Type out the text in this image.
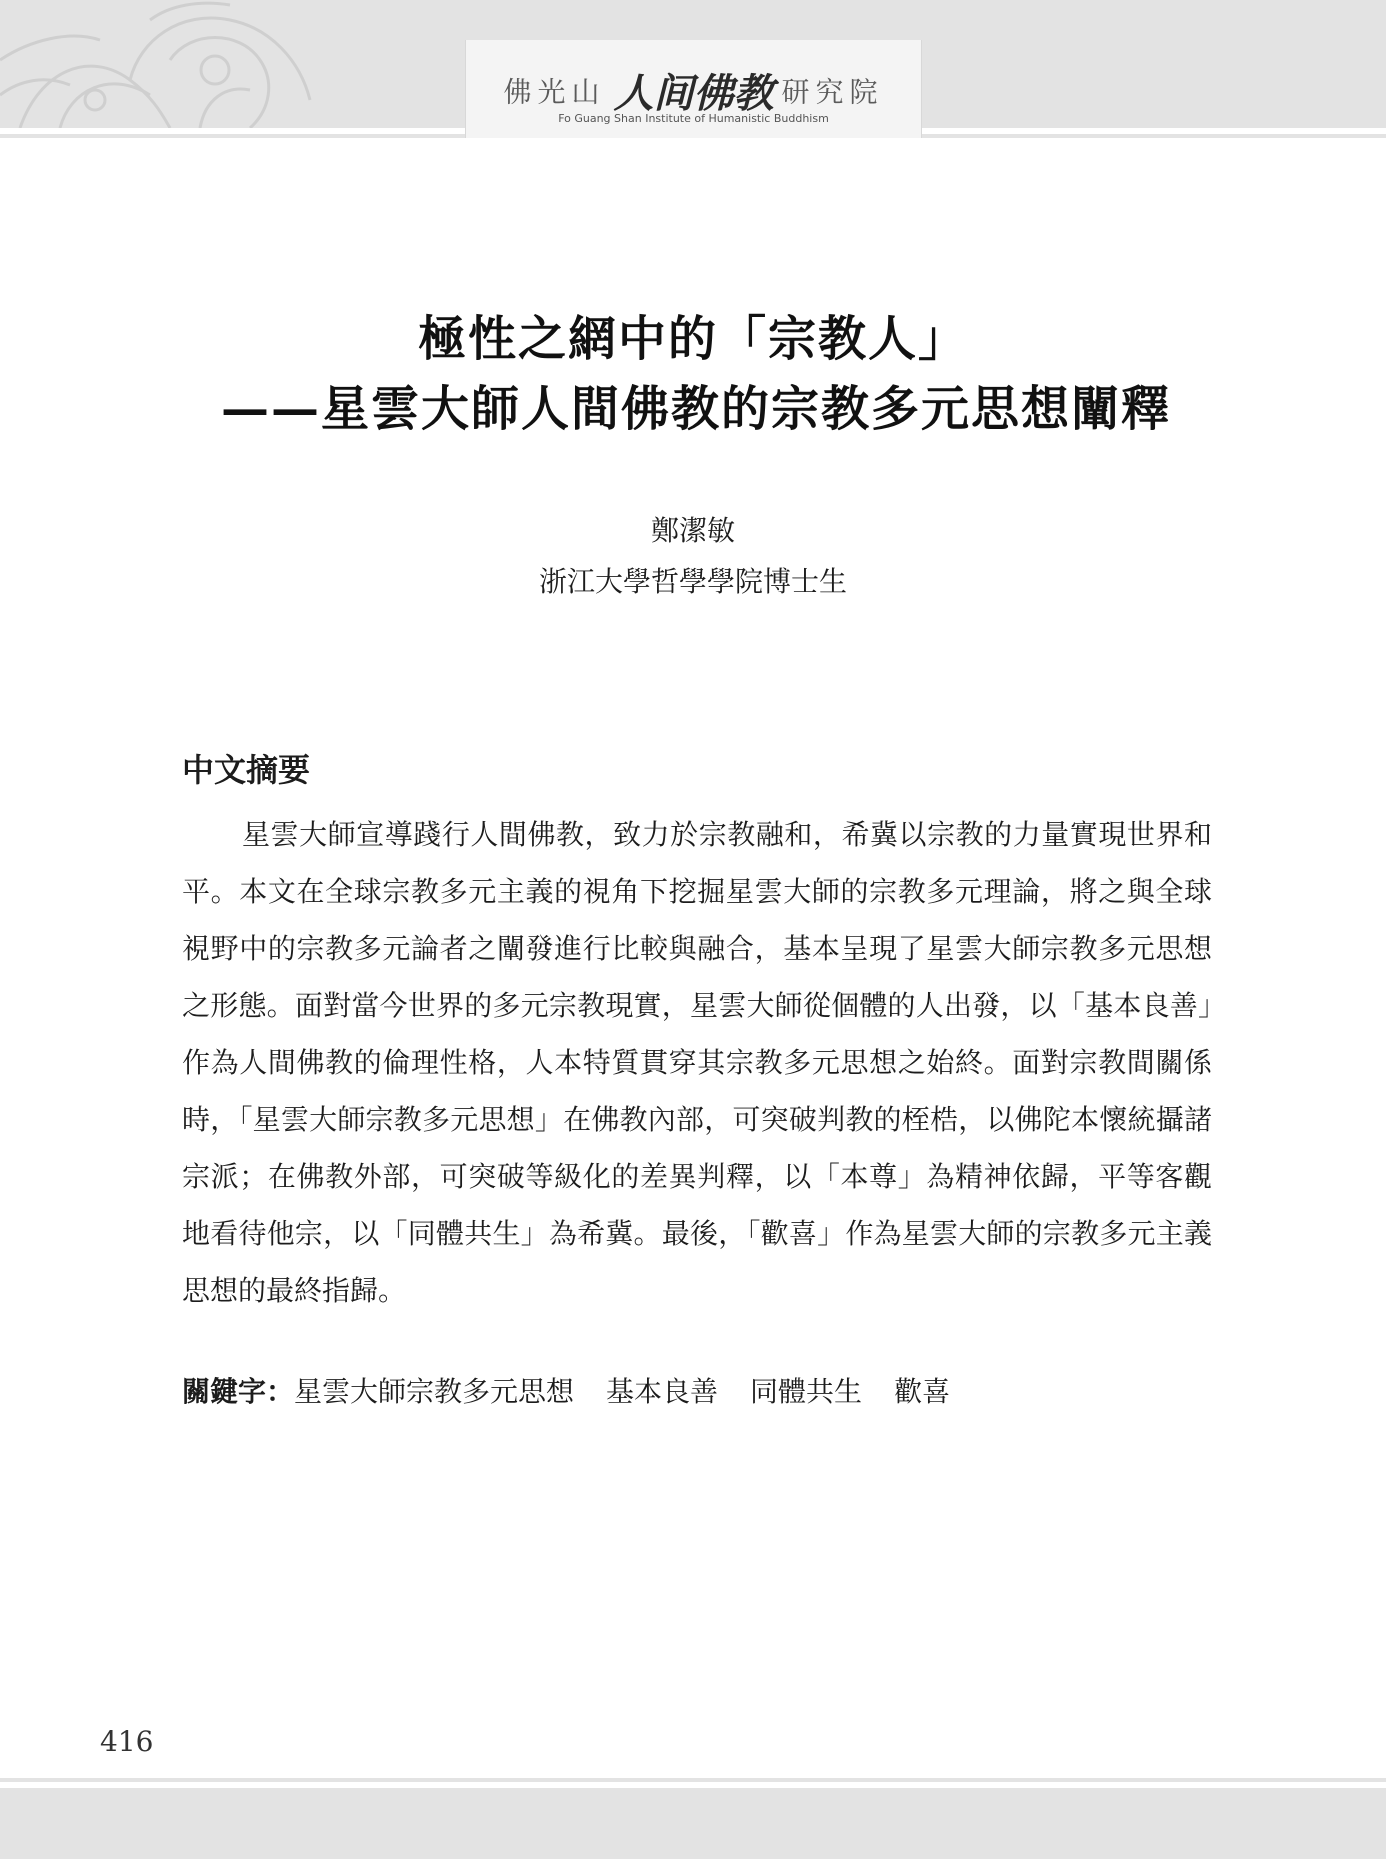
佛光山 人间佛教 研究院
Fo Guang Shan Institute of Humanistic Buddhism
極性之網中的「宗教人」
——星雲大師人間佛教的宗教多元思想闡釋
鄭潔敏
浙江大學哲學學院博士生
中文摘要

星雲大師宣導踐行人間佛教，致力於宗教融和，希冀以宗教的力量實現世界和平。本文在全球宗教多元主義的視角下挖掘星雲大師的宗教多元理論，將之與全球視野中的宗教多元論者之闡發進行比較與融合，基本呈現了星雲大師宗教多元思想之形態。面對當今世界的多元宗教現實，星雲大師從個體的人出發，以「基本良善」作為人間佛教的倫理性格，人本特質貫穿其宗教多元思想之始終。面對宗教間關係時，「星雲大師宗教多元思想」在佛教內部，可突破判教的桎梏，以佛陀本懷統攝諸宗派；在佛教外部，可突破等級化的差異判釋，以「本尊」為精神依歸，平等客觀地看待他宗，以「同體共生」為希冀。最後，「歡喜」作為星雲大師的宗教多元主義思想的最終指歸。

關鍵字：星雲大師宗教多元思想 基本良善 同體共生 歡喜
416
